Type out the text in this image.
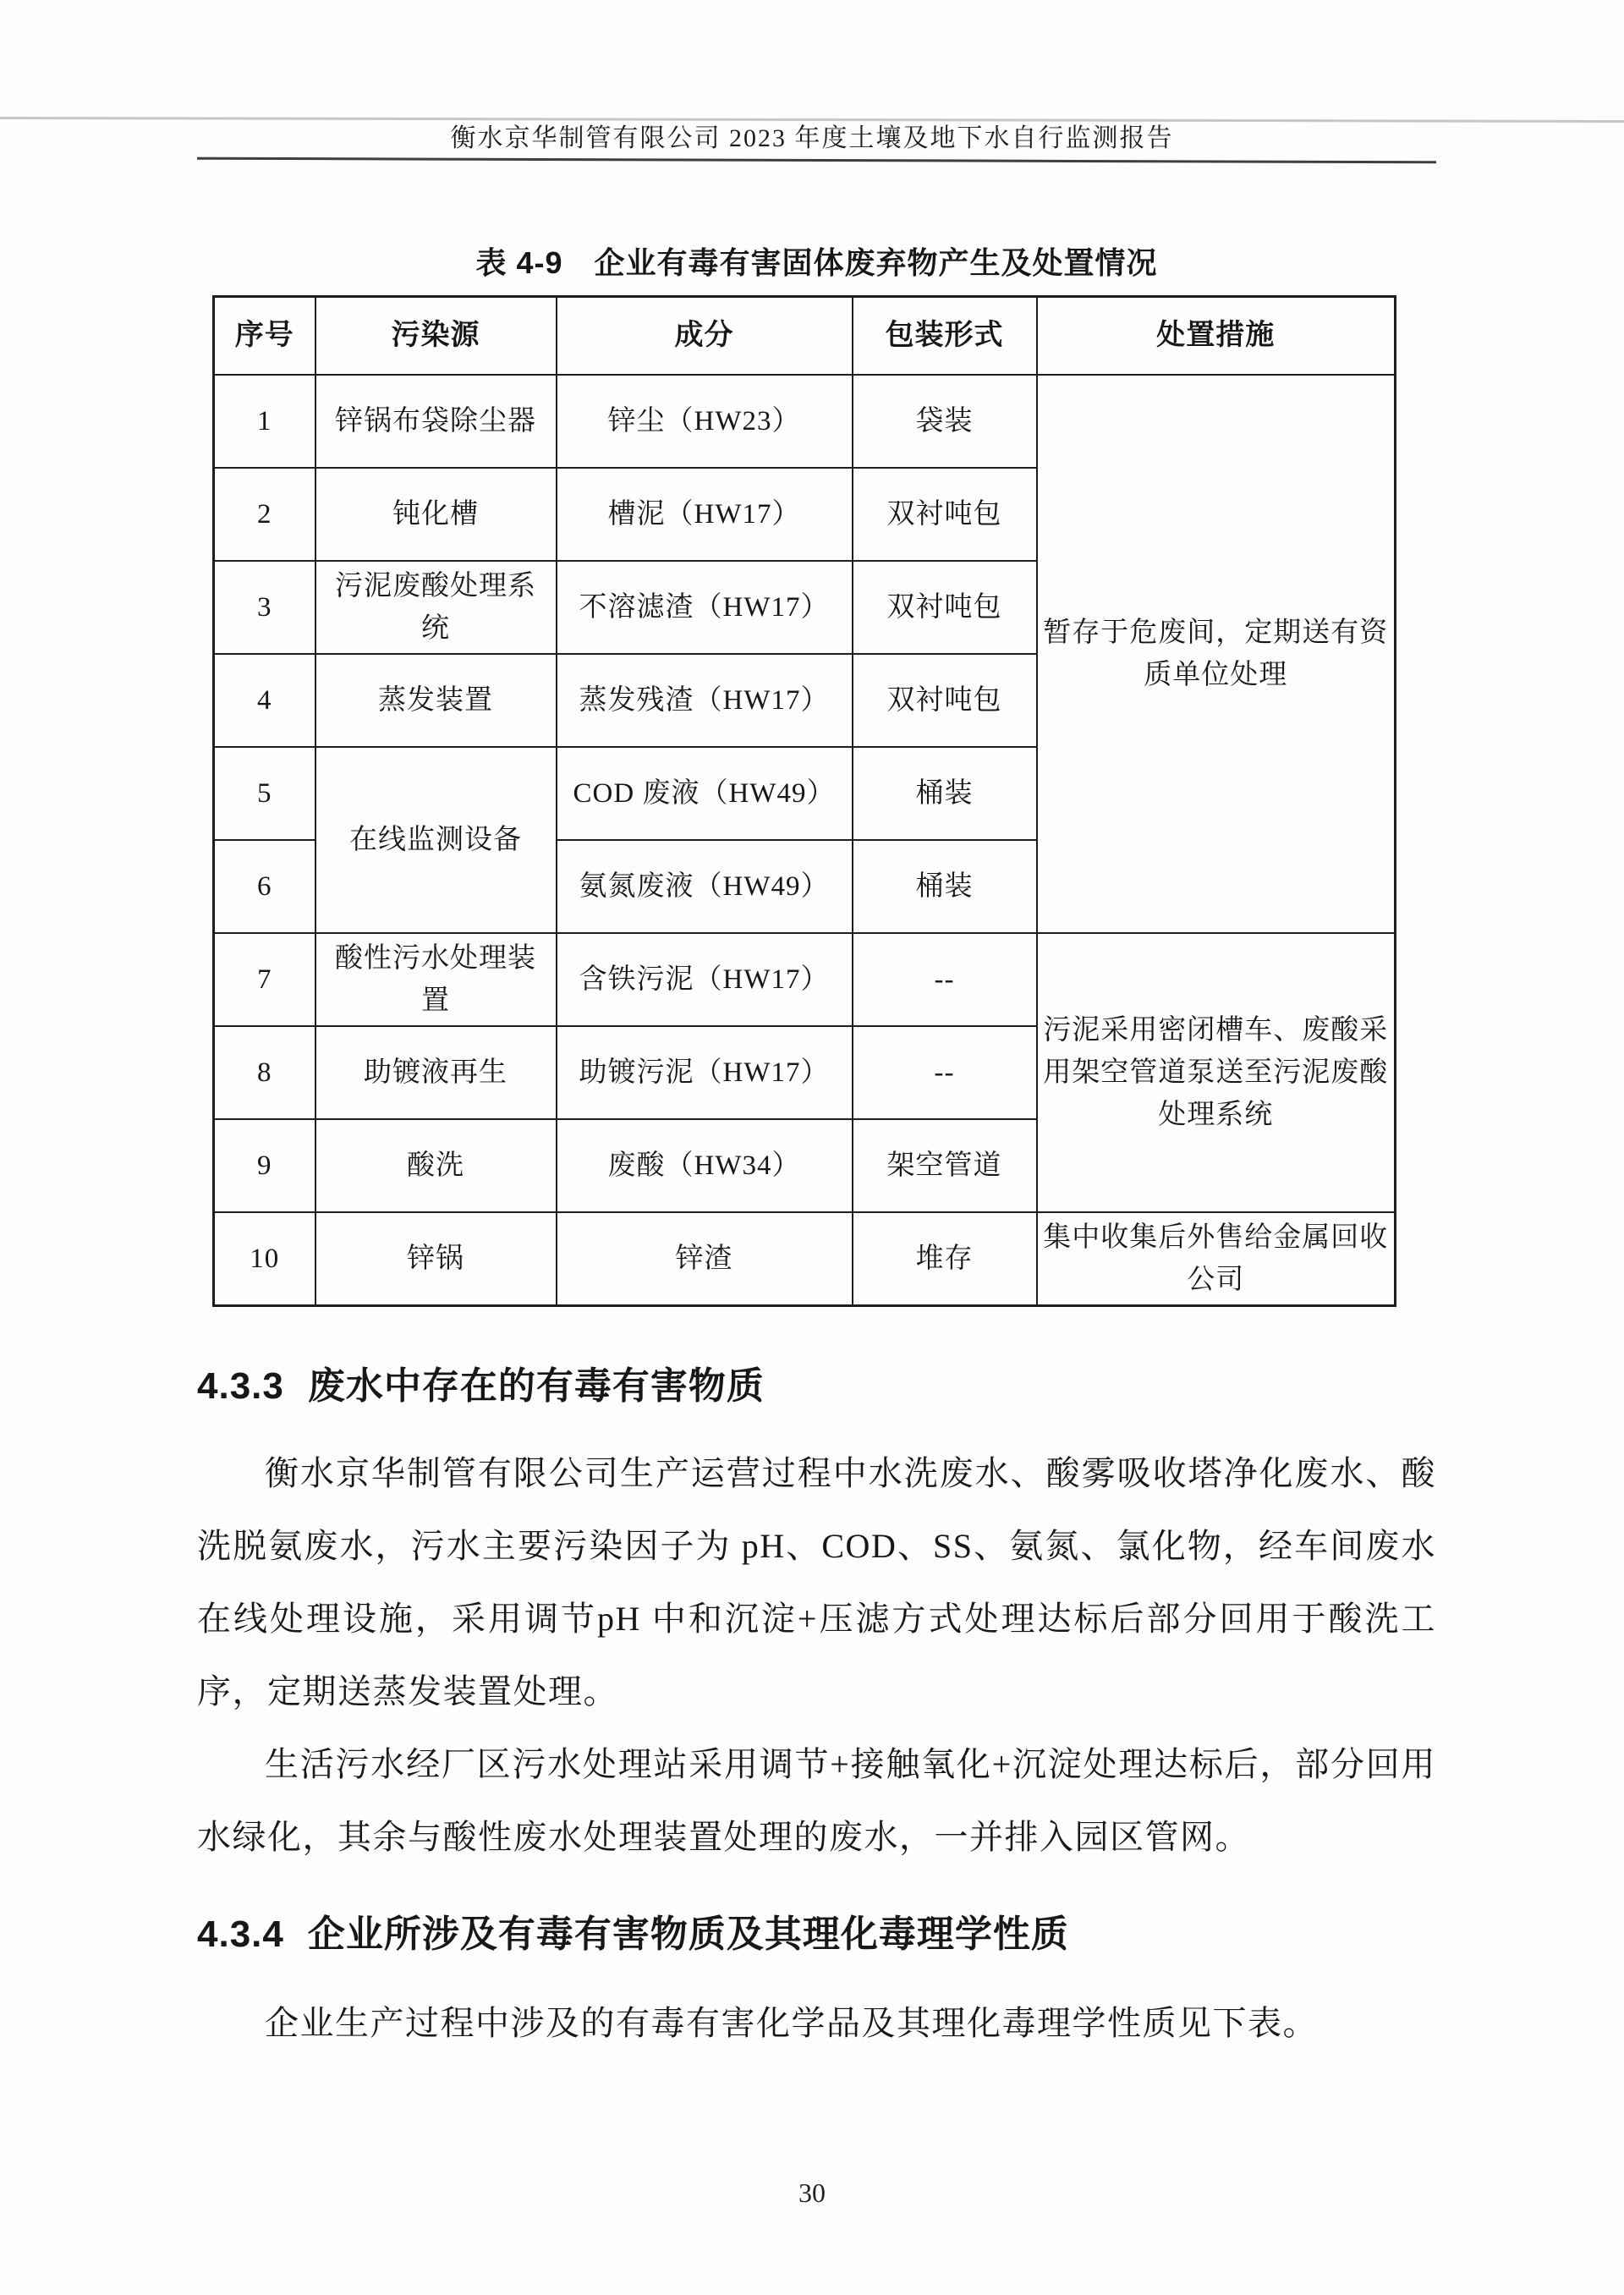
衡水京华制管有限公司 2023 年度土壤及地下水自行监测报告
表 4-9　企业有毒有害固体废弃物产生及处置情况
序号	污染源	成分	包装形式	处置措施
1	锌锅布袋除尘器	锌尘（HW23）	袋装	暂存于危废间，定期送有资质单位处理
2	钝化槽	槽泥（HW17）	双衬吨包	
3	污泥废酸处理系统	不溶滤渣（HW17）	双衬吨包	
4	蒸发装置	蒸发残渣（HW17）	双衬吨包	
5	在线监测设备	COD 废液（HW49）	桶装	
6		氨氮废液（HW49）	桶装	
7	酸性污水处理装置	含铁污泥（HW17）	--	污泥采用密闭槽车、废酸采用架空管道泵送至污泥废酸处理系统
8	助镀液再生	助镀污泥（HW17）	--	
9	酸洗	废酸（HW34）	架空管道	
10	锌锅	锌渣	堆存	集中收集后外售给金属回收公司
4.3.3 废水中存在的有毒有害物质

衡水京华制管有限公司生产运营过程中水洗废水、酸雾吸收塔净化废水、酸洗脱氨废水，污水主要污染因子为 pH、COD、SS、氨氮、氯化物，经车间废水在线处理设施，采用调节pH 中和沉淀+压滤方式处理达标后部分回用于酸洗工序，定期送蒸发装置处理。

生活污水经厂区污水处理站采用调节+接触氧化+沉淀处理达标后，部分回用水绿化，其余与酸性废水处理装置处理的废水，一并排入园区管网。

4.3.4 企业所涉及有毒有害物质及其理化毒理学性质

企业生产过程中涉及的有毒有害化学品及其理化毒理学性质见下表。

30
